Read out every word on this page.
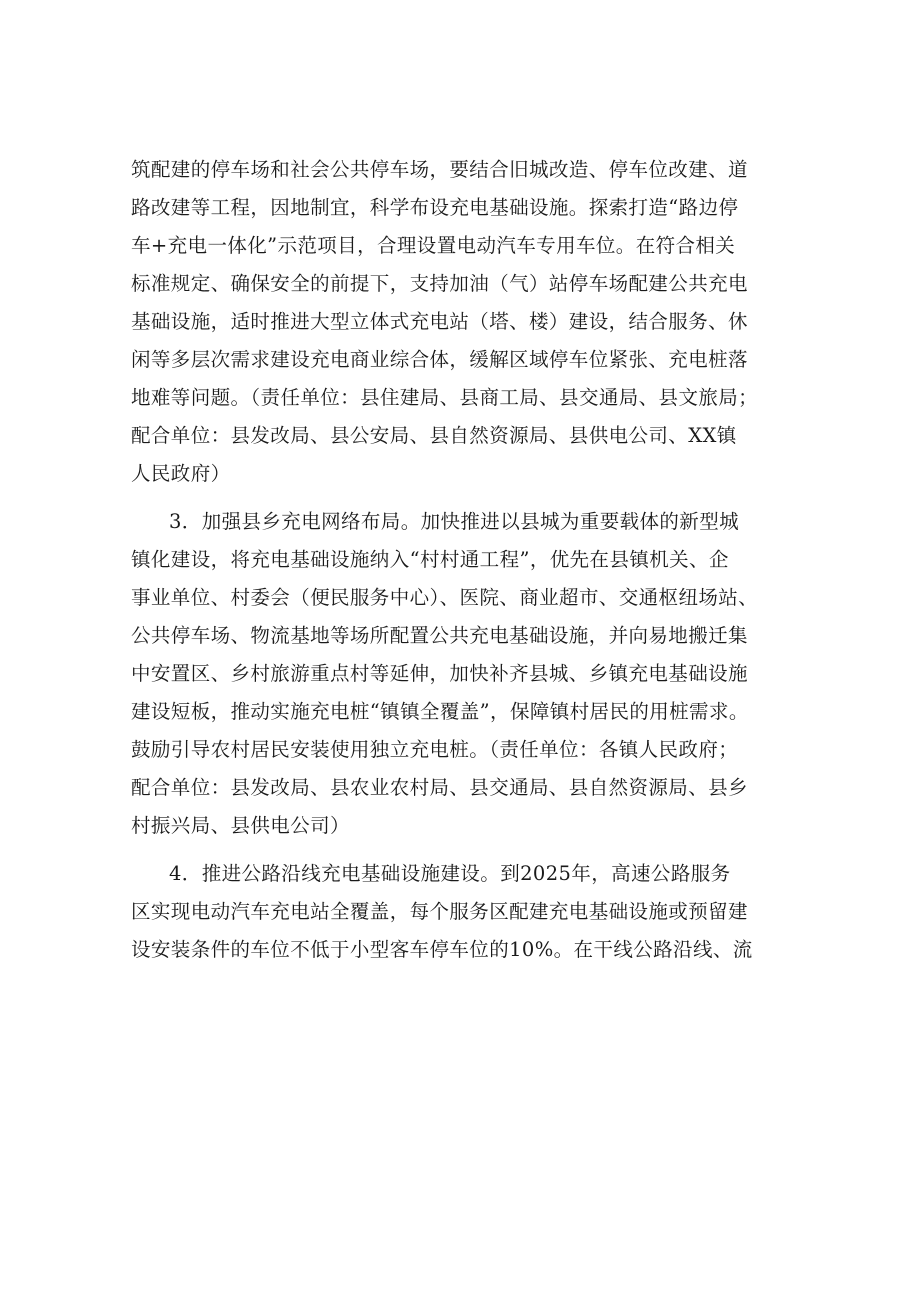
筑配建的停车场和社会公共停车场，要结合旧城改造、停车位改建、道
路改建等工程，因地制宜，科学布设充电基础设施。探索打造“路边停
车+充电一体化”示范项目，合理设置电动汽车专用车位。在符合相关
标准规定、确保安全的前提下，支持加油（气）站停车场配建公共充电
基础设施，适时推进大型立体式充电站（塔、楼）建设，结合服务、休
闲等多层次需求建设充电商业综合体，缓解区域停车位紧张、充电桩落
地难等问题。（责任单位：县住建局、县商工局、县交通局、县文旅局；
配合单位：县发改局、县公安局、县自然资源局、县供电公司、XX镇
人民政府）
3．加强县乡充电网络布局。加快推进以县城为重要载体的新型城
镇化建设，将充电基础设施纳入“村村通工程”，优先在县镇机关、企
事业单位、村委会（便民服务中心）、医院、商业超市、交通枢纽场站、
公共停车场、物流基地等场所配置公共充电基础设施，并向易地搬迁集
中安置区、乡村旅游重点村等延伸，加快补齐县城、乡镇充电基础设施
建设短板，推动实施充电桩“镇镇全覆盖”，保障镇村居民的用桩需求。
鼓励引导农村居民安装使用独立充电桩。（责任单位：各镇人民政府；
配合单位：县发改局、县农业农村局、县交通局、县自然资源局、县乡
村振兴局、县供电公司）
4．推进公路沿线充电基础设施建设。到2025年，高速公路服务
区实现电动汽车充电站全覆盖，每个服务区配建充电基础设施或预留建
设安装条件的车位不低于小型客车停车位的10%。在干线公路沿线、流
